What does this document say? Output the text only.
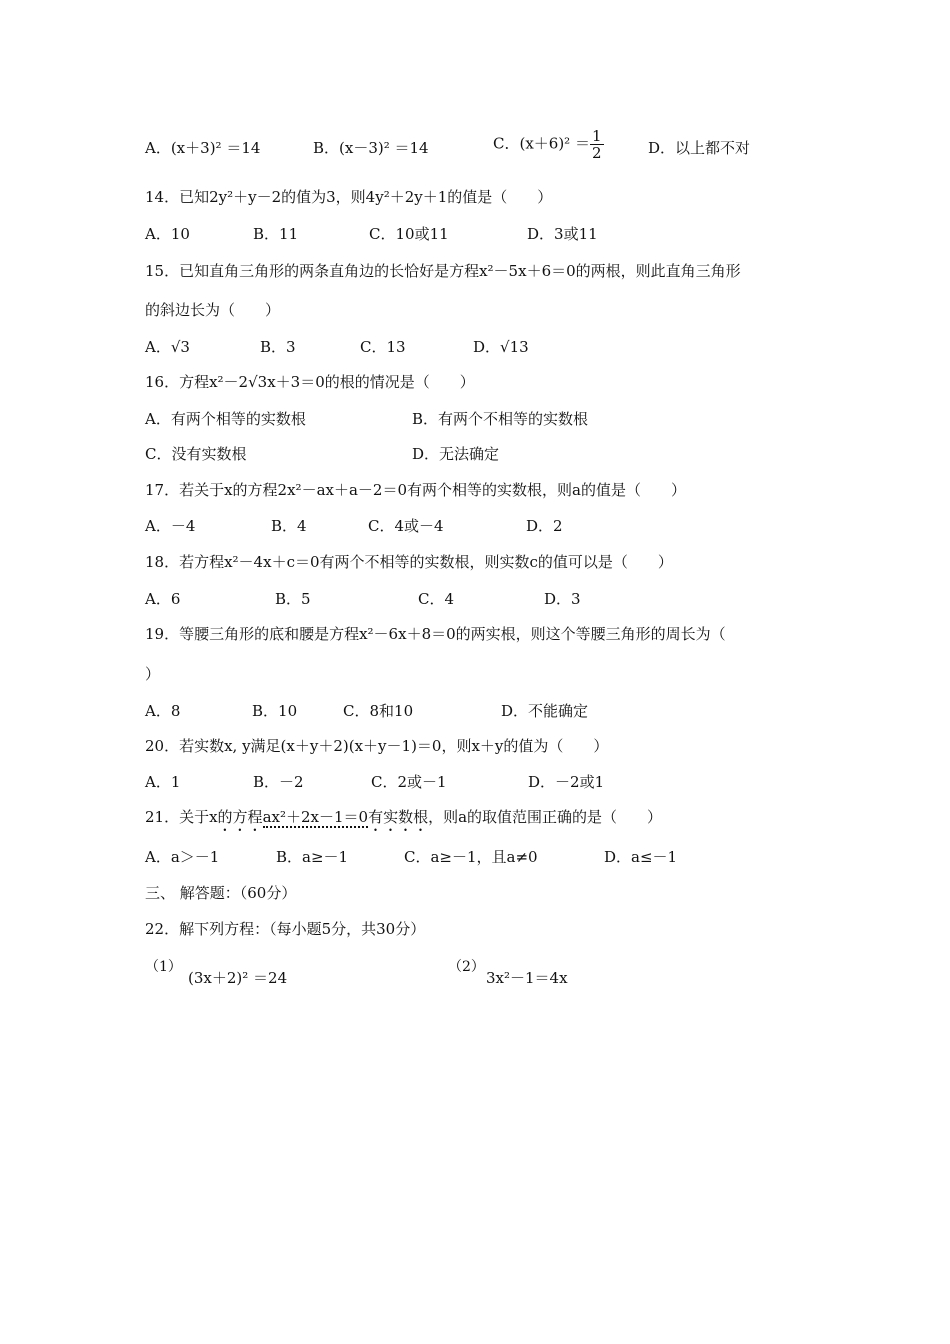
A．(x＋3)² ＝14	B．(x－3)² ＝14	C．$(x+6)^2 = \frac{1}{2}$	D．以上都不对
14．已知2y²＋y－2的值为3，则4y²＋2y＋1的值是（　　）
A．10	B．11	C．10或11	D．3或11
15．已知直角三角形的两条直角边的长恰好是方程x²－5x＋6＝0的两根，则此直角三角形
的斜边长为（　　）
A．√3	B．3	C．13	D．√13
16．方程x²－2√3x＋3＝0的根的情况是（　　）
A．有两个相等的实数根	B．有两个不相等的实数根
C．没有实数根	D．无法确定
17．若关于x的方程2x²－ax＋a－2＝0有两个相等的实数根，则a的值是（　　）
A．－4	B．4	C．4或－4	D．2
18．若方程x²－4x＋c＝0有两个不相等的实数根，则实数c的值可以是（　　）
A．6	B．5	C．4	D．3
19．等腰三角形的底和腰是方程x²－6x＋8＝0的两实根，则这个等腰三角形的周长为（
）
A．8	B．10	C．8和10	D．不能确定
20．若实数x, y满足(x＋y＋2)(x＋y－1)＝0，则x＋y的值为（　　）
A．1	B．－2	C．2或－1	D．－2或1
21．关于x的方程ax²＋2x－1＝0有实数根，则a的取值范围正确的是（　　）
A．a＞－1	B．a≥－1	C．a≥－1，且a≠0	D．a≤－1
三、 解答题：（60分）
22．解下列方程：（每小题5分，共30分）
（1）
(3x＋2)² ＝24
（2）
3x²－1＝4x
